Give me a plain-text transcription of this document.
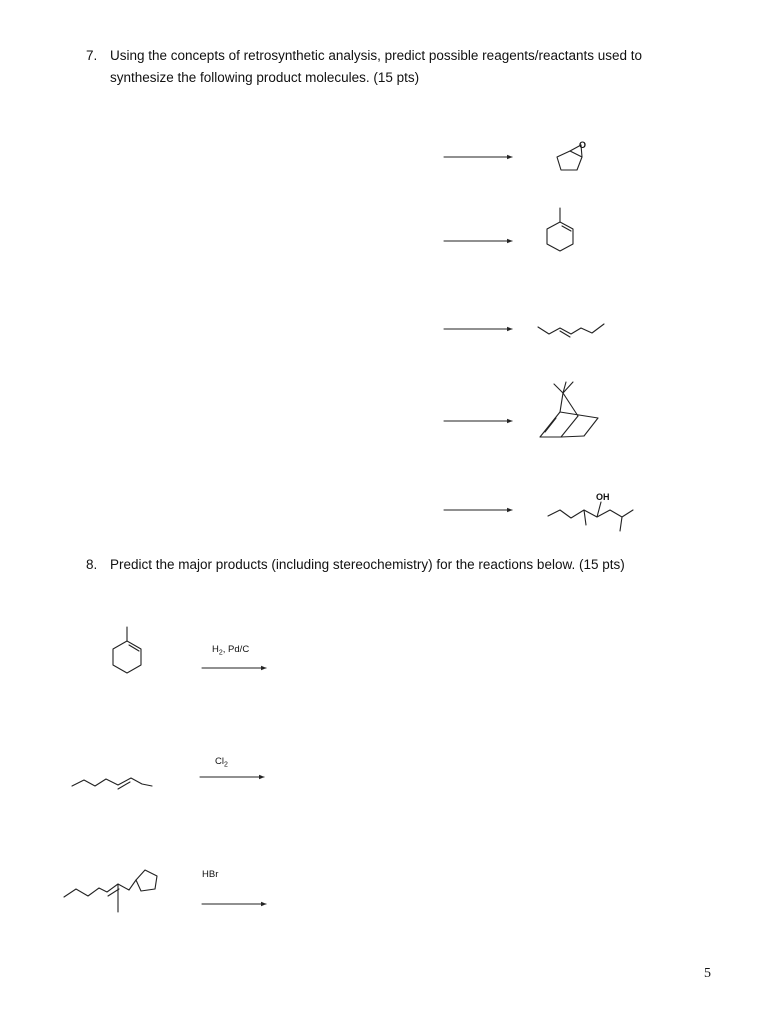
7. Using the concepts of retrosynthetic analysis, predict possible reagents/reactants used to
synthesize the following product molecules. (15 pts)
8. Predict the major products (including stereochemistry) for the reactions below. (15 pts)
O
OH
$H_2$, Pd/C
$Cl_2$
HBr
5
